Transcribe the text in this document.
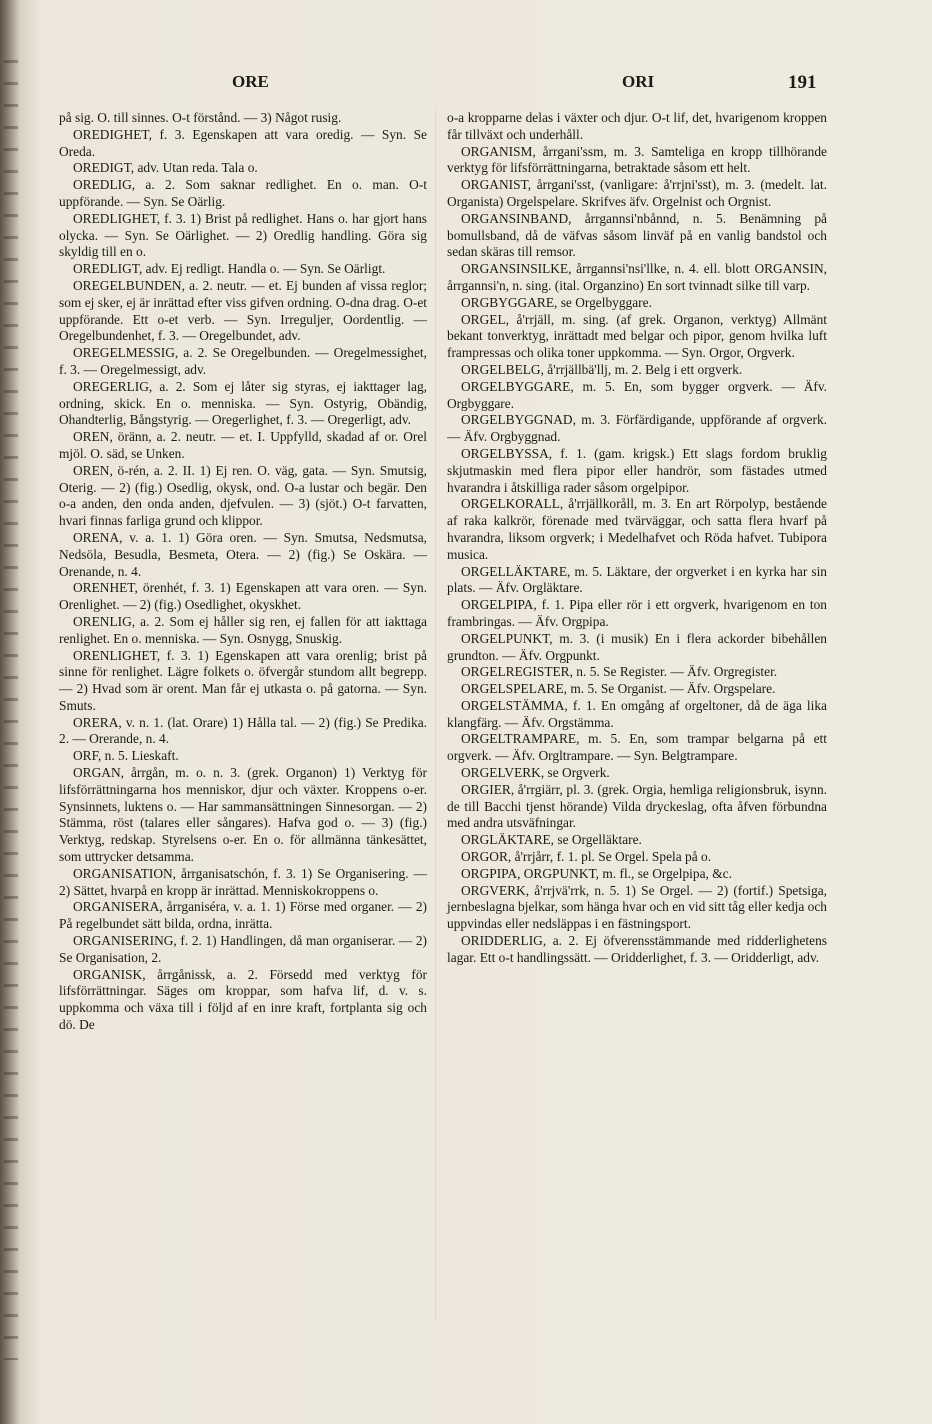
ORE	ORI	191

på sig. O. till sinnes. O-t förstånd. — 3) Något rusig.

OREDIGHET, f. 3. Egenskapen att vara oredig. — Syn. Se Oreda.

OREDIGT, adv. Utan reda. Tala o.

OREDLIG, a. 2. Som saknar redlighet. En o. man. O-t uppförande. — Syn. Se Oärlig.

OREDLIGHET, f. 3. 1) Brist på redlighet. Hans o. har gjort hans olycka. — Syn. Se Oärlighet. — 2) Oredlig handling. Göra sig skyldig till en o.

OREDLIGT, adv. Ej redligt. Handla o. — Syn. Se Oärligt.

OREGELBUNDEN, a. 2. neutr. — et. Ej bunden af vissa reglor; som ej sker, ej är inrättad efter viss gifven ordning. O-dna drag. O-et uppförande. Ett o-et verb. — Syn. Irreguljer, Oordentlig. — Oregelbundenhet, f. 3. — Oregelbundet, adv.

OREGELMESSIG, a. 2. Se Oregelbunden. — Oregelmessighet, f. 3. — Oregelmessigt, adv.

OREGERLIG, a. 2. Som ej låter sig styras, ej iakttager lag, ordning, skick. En o. menniska. — Syn. Ostyrig, Obändig, Ohandterlig, Bångstyrig. — Oregerlighet, f. 3. — Oregerligt, adv.

OREN, öränn, a. 2. neutr. — et. I. Uppfylld, skadad af or. Orel mjöl. O. säd, se Unken.

OREN, ö-rén, a. 2. II. 1) Ej ren. O. väg, gata. — Syn. Smutsig, Oterig. — 2) (fig.) Osedlig, okysk, ond. O-a lustar och begär. Den o-a anden, den onda anden, djefvulen. — 3) (sjöt.) O-t farvatten, hvari finnas farliga grund och klippor.

ORENA, v. a. 1. 1) Göra oren. — Syn. Smutsa, Nedsmutsa, Nedsöla, Besudla, Besmeta, Otera. — 2) (fig.) Se Oskära. — Orenande, n. 4.

ORENHET, örenhét, f. 3. 1) Egenskapen att vara oren. — Syn. Orenlighet. — 2) (fig.) Osedlighet, okyskhet.

ORENLIG, a. 2. Som ej håller sig ren, ej fallen för att iakttaga renlighet. En o. menniska. — Syn. Osnygg, Snuskig.

ORENLIGHET, f. 3. 1) Egenskapen att vara orenlig; brist på sinne för renlighet. Lägre folkets o. öfvergår stundom allt begrepp. — 2) Hvad som är orent. Man får ej utkasta o. på gatorna. — Syn. Smuts.

ORERA, v. n. 1. (lat. Orare) 1) Hålla tal. — 2) (fig.) Se Predika. 2. — Orerande, n. 4.

ORF, n. 5. Lieskaft.

ORGAN, årrgån, m. o. n. 3. (grek. Organon) 1) Verktyg för lifsförrättningarna hos menniskor, djur och växter. Kroppens o-er. Synsinnets, luktens o. — Har sammansättningen Sinnesorgan. — 2) Stämma, röst (talares eller sångares). Hafva god o. — 3) (fig.) Verktyg, redskap. Styrelsens o-er. En o. för allmänna tänkesättet, som uttrycker detsamma.

ORGANISATION, årrganisatschón, f. 3. 1) Se Organisering. — 2) Sättet, hvarpå en kropp är inrättad. Menniskokroppens o.

ORGANISERA, årrganiséra, v. a. 1. 1) Förse med organer. — 2) På regelbundet sätt bilda, ordna, inrätta.

ORGANISERING, f. 2. 1) Handlingen, då man organiserar. — 2) Se Organisation, 2.

ORGANISK, årrgånissk, a. 2. Försedd med verktyg för lifsförrättningar. Säges om kroppar, som hafva lif, d. v. s. uppkomma och växa till i följd af en inre kraft, fortplanta sig och dö. De

o-a kropparne delas i växter och djur. O-t lif, det, hvarigenom kroppen får tillväxt och underhåll.

ORGANISM, årrgani'ssm, m. 3. Samteliga en kropp tillhörande verktyg för lifsförrättningarna, betraktade såsom ett helt.

ORGANIST, årrgani'sst, (vanligare: å'rrjni'sst), m. 3. (medelt. lat. Organista) Orgelspelare. Skrifves äfv. Orgelnist och Orgnist.

ORGANSINBAND, årrgannsi'nbånnd, n. 5. Benämning på bomullsband, då de väfvas såsom linväf på en vanlig bandstol och sedan skäras till remsor.

ORGANSINSILKE, årrgannsi'nsi'llke, n. 4. ell. blott ORGANSIN, årrgannsi'n, n. sing. (ital. Organzino) En sort tvinnadt silke till varp.

ORGBYGGARE, se Orgelbyggare.

ORGEL, å'rrjäll, m. sing. (af grek. Organon, verktyg) Allmänt bekant tonverktyg, inrättadt med belgar och pipor, genom hvilka luft frampressas och olika toner uppkomma. — Syn. Orgor, Orgverk.

ORGELBELG, å'rrjällbä'llj, m. 2. Belg i ett orgverk.

ORGELBYGGARE, m. 5. En, som bygger orgverk. — Äfv. Orgbyggare.

ORGELBYGGNAD, m. 3. Förfärdigande, uppförande af orgverk. — Äfv. Orgbyggnad.

ORGELBYSSA, f. 1. (gam. krigsk.) Ett slags fordom bruklig skjutmaskin med flera pipor eller handrör, som fästades utmed hvarandra i åtskilliga rader såsom orgelpipor.

ORGELKORALL, å'rrjällkoråll, m. 3. En art Rörpolyp, bestående af raka kalkrör, förenade med tvärväggar, och satta flera hvarf på hvarandra, liksom orgverk; i Medelhafvet och Röda hafvet. Tubipora musica.

ORGELLÄKTARE, m. 5. Läktare, der orgverket i en kyrka har sin plats. — Äfv. Orgläktare.

ORGELPIPA, f. 1. Pipa eller rör i ett orgverk, hvarigenom en ton frambringas. — Äfv. Orgpipa.

ORGELPUNKT, m. 3. (i musik) En i flera ackorder bibehållen grundton. — Äfv. Orgpunkt.

ORGELREGISTER, n. 5. Se Register. — Äfv. Orgregister.

ORGELSPELARE, m. 5. Se Organist. — Äfv. Orgspelare.

ORGELSTÄMMA, f. 1. En omgång af orgeltoner, då de äga lika klangfärg. — Äfv. Orgstämma.

ORGELTRAMPARE, m. 5. En, som trampar belgarna på ett orgverk. — Äfv. Orgltrampare. — Syn. Belgtrampare.

ORGELVERK, se Orgverk.

ORGIER, å'rrgiärr, pl. 3. (grek. Orgia, hemliga religionsbruk, isynn. de till Bacchi tjenst hörande) Vilda dryckeslag, ofta åfven förbundna med andra utsväfningar.

ORGLÄKTARE, se Orgelläktare.

ORGOR, å'rrjårr, f. 1. pl. Se Orgel. Spela på o.

ORGPIPA, ORGPUNKT, m. fl., se Orgelpipa, &c.

ORGVERK, å'rrjvä'rrk, n. 5. 1) Se Orgel. — 2) (fortif.) Spetsiga, jernbeslagna bjelkar, som hänga hvar och en vid sitt tåg eller kedja och uppvindas eller nedsläppas i en fästningsport.

ORIDDERLIG, a. 2. Ej öfverensstämmande med ridderlighetens lagar. Ett o-t handlingssätt. — Oridderlighet, f. 3. — Oridderligt, adv.
